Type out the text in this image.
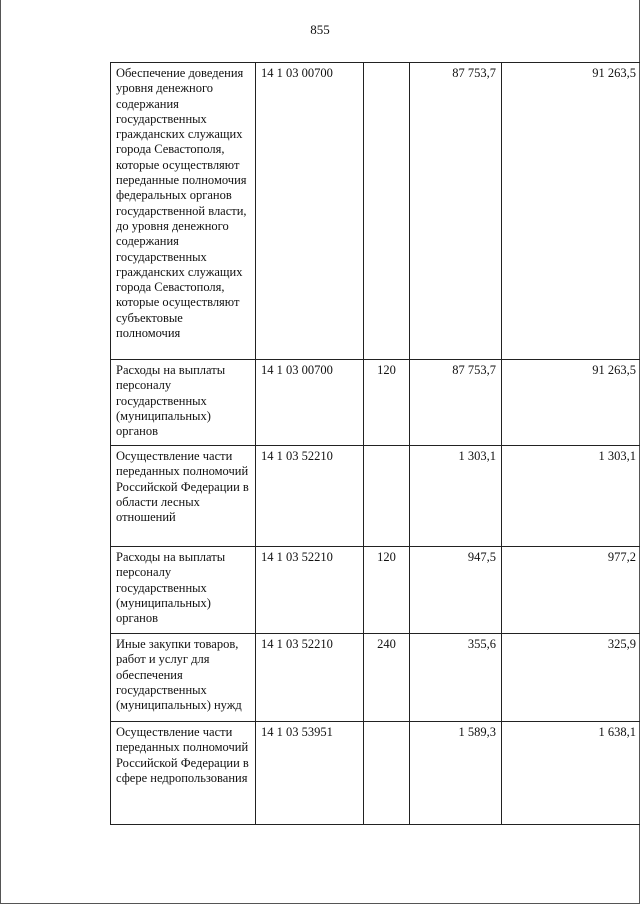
855
Обеспечение доведения уровня денежного содержания государственных гражданских служащих города Севастополя, которые осуществляют переданные полномочия федеральных органов государственной власти, до уровня денежного содержания государственных гражданских служащих города Севастополя, которые осуществляют субъектовые полномочия	14 1 03 00700		87 753,7	91 263,5
Расходы на выплаты персоналу государственных (муниципальных) органов	14 1 03 00700	120	87 753,7	91 263,5
Осуществление части переданных полномочий Российской Федерации в области лесных отношений	14 1 03 52210		1 303,1	1 303,1
Расходы на выплаты персоналу государственных (муниципальных) органов	14 1 03 52210	120	947,5	977,2
Иные закупки товаров, работ и услуг для обеспечения государственных (муниципальных) нужд	14 1 03 52210	240	355,6	325,9
Осуществление части переданных полномочий Российской Федерации в сфере недропользования	14 1 03 53951		1 589,3	1 638,1
